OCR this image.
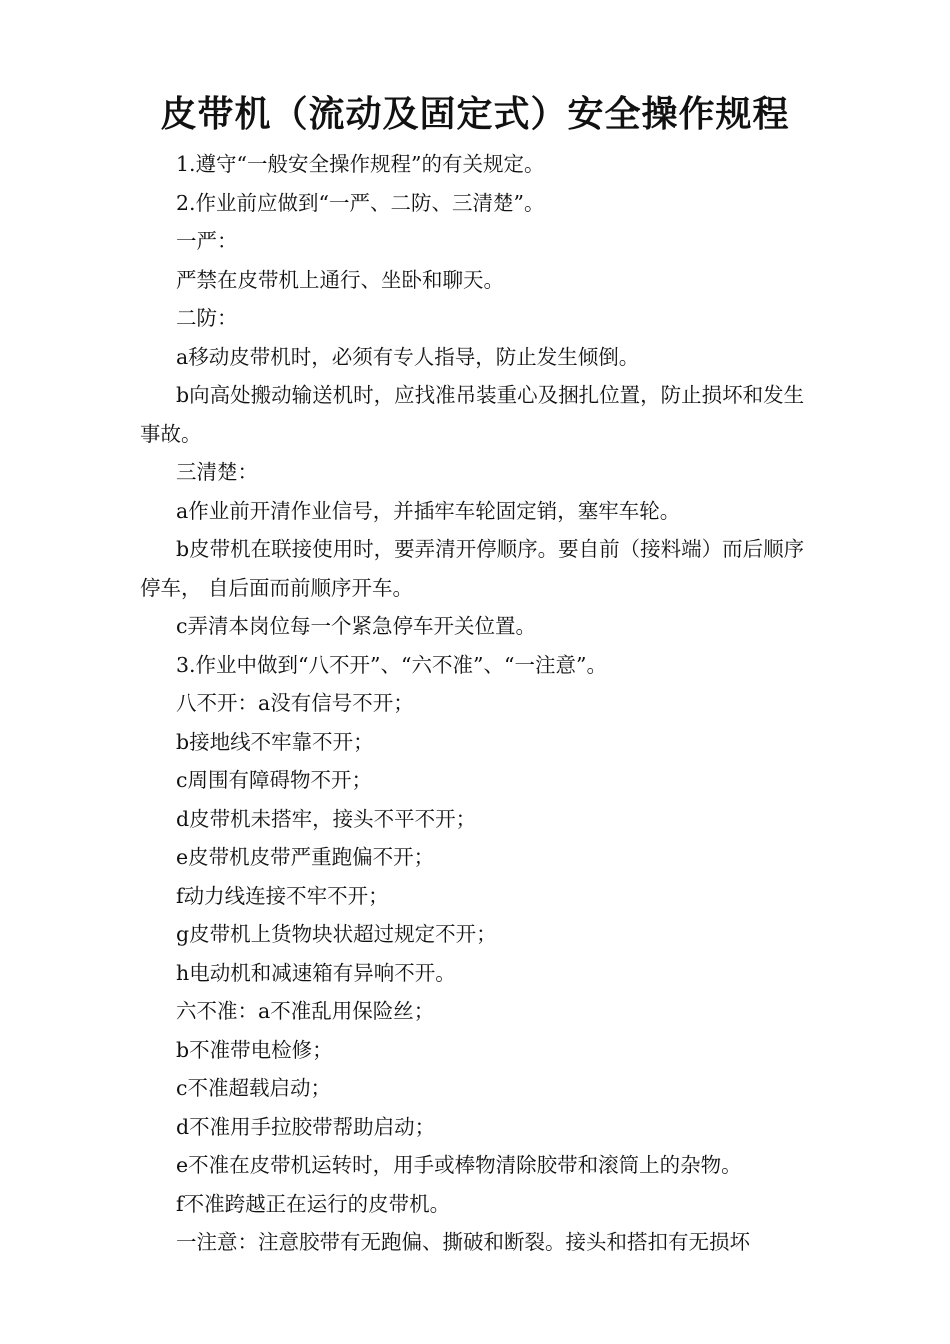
皮带机（流动及固定式）安全操作规程

1.遵守“一般安全操作规程”的有关规定。

2.作业前应做到“一严、二防、三清楚”。

一严：

严禁在皮带机上通行、坐卧和聊天。

二防：

a移动皮带机时，必须有专人指导，防止发生倾倒。

b向高处搬动输送机时，应找准吊装重心及捆扎位置，防止损坏和发生事故。

三清楚：

a作业前开清作业信号，并插牢车轮固定销，塞牢车轮。

b皮带机在联接使用时，要弄清开停顺序。要自前（接料端）而后顺序停车， 自后面而前顺序开车。

c弄清本岗位每一个紧急停车开关位置。

3.作业中做到“八不开”、“六不准”、“一注意”。

八不开：a没有信号不开；

b接地线不牢靠不开；

c周围有障碍物不开；

d皮带机未搭牢，接头不平不开；

e皮带机皮带严重跑偏不开；

f动力线连接不牢不开；

g皮带机上货物块状超过规定不开；

h电动机和减速箱有异响不开。

六不准：a不准乱用保险丝；

b不准带电检修；

c不准超载启动；

d不准用手拉胶带帮助启动；

e不准在皮带机运转时，用手或棒物清除胶带和滚筒上的杂物。

f不准跨越正在运行的皮带机。

一注意：注意胶带有无跑偏、撕破和断裂。接头和搭扣有无损坏
